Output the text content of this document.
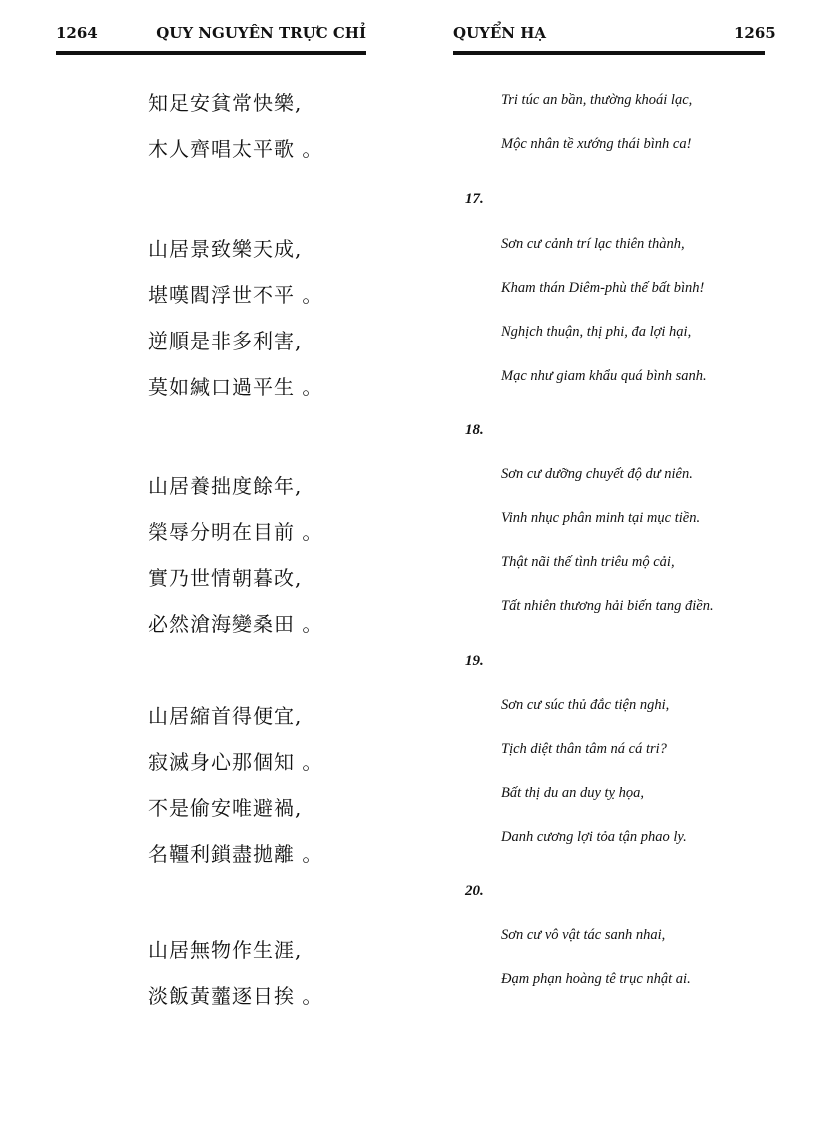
1264	QUY NGUYÊN TRỰC CHỈ
知足安貧常快樂,
木人齊唱太平歌 。
山居景致樂天成,
堪嘆閻浮世不平 。
逆順是非多利害,
莫如緘口過平生 。
山居養拙度餘年,
榮辱分明在目前 。
實乃世情朝暮改,
必然滄海變桑田 。
山居縮首得便宜,
寂滅身心那個知 。
不是偷安唯避禍,
名韁利鎖盡拋離 。
山居無物作生涯,
淡飯黃虀逐日挨 。
QUYỂN HẠ	1265
Tri túc an bần, thường khoái lạc,
Mộc nhân tề xướng thái bình ca!
17.
Sơn cư cảnh trí lạc thiên thành,
Kham thán Diêm-phù thế bất bình!
Nghịch thuận, thị phi, đa lợi hại,
Mạc như giam khẩu quá bình sanh.
18.
Sơn cư dưỡng chuyết độ dư niên.
Vinh nhục phân minh tại mục tiền.
Thật nãi thế tình triêu mộ cải,
Tất nhiên thương hải biến tang điền.
19.
Sơn cư súc thủ đắc tiện nghi,
Tịch diệt thân tâm ná cá tri?
Bất thị du an duy tỵ họa,
Danh cương lợi tỏa tận phao ly.
20.
Sơn cư vô vật tác sanh nhai,
Đạm phạn hoàng tê trục nhật ai.
